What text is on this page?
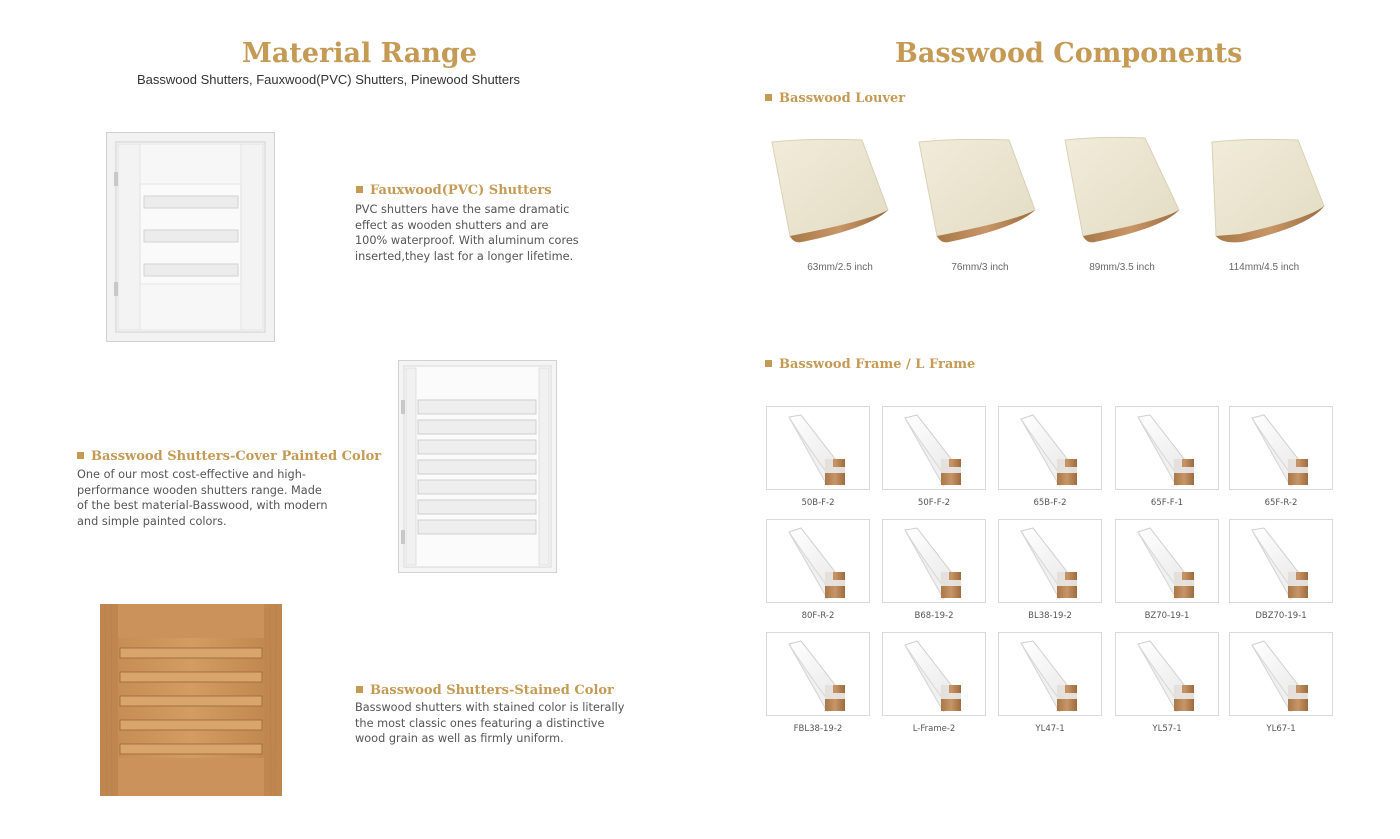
Material Range
Basswood Shutters, Fauxwood(PVC) Shutters, Pinewood Shutters
Fauxwood(PVC) Shutters
PVC shutters have the same dramatic
effect as wooden shutters and are
100% waterproof. With aluminum cores
inserted,they last for a longer lifetime.
Basswood Shutters-Cover Painted Color
One of our most cost-effective and high-
performance wooden shutters range. Made
of the best material-Basswood, with modern
and simple painted colors.
Basswood Shutters-Stained Color
Basswood shutters with stained color is literally
the most classic ones featuring a distinctive
wood grain as well as firmly uniform.
Basswood Components
Basswood Louver
63mm/2.5 inch	76mm/3 inch	89mm/3.5 inch	114mm/4.5 inch
Basswood Frame / L Frame
50B-F-2	50F-F-2	65B-F-2	65F-F-1	65F-R-2
80F-R-2	B68-19-2	BL38-19-2	BZ70-19-1	DBZ70-19-1
FBL38-19-2	L-Frame-2	YL47-1	YL57-1	YL67-1
